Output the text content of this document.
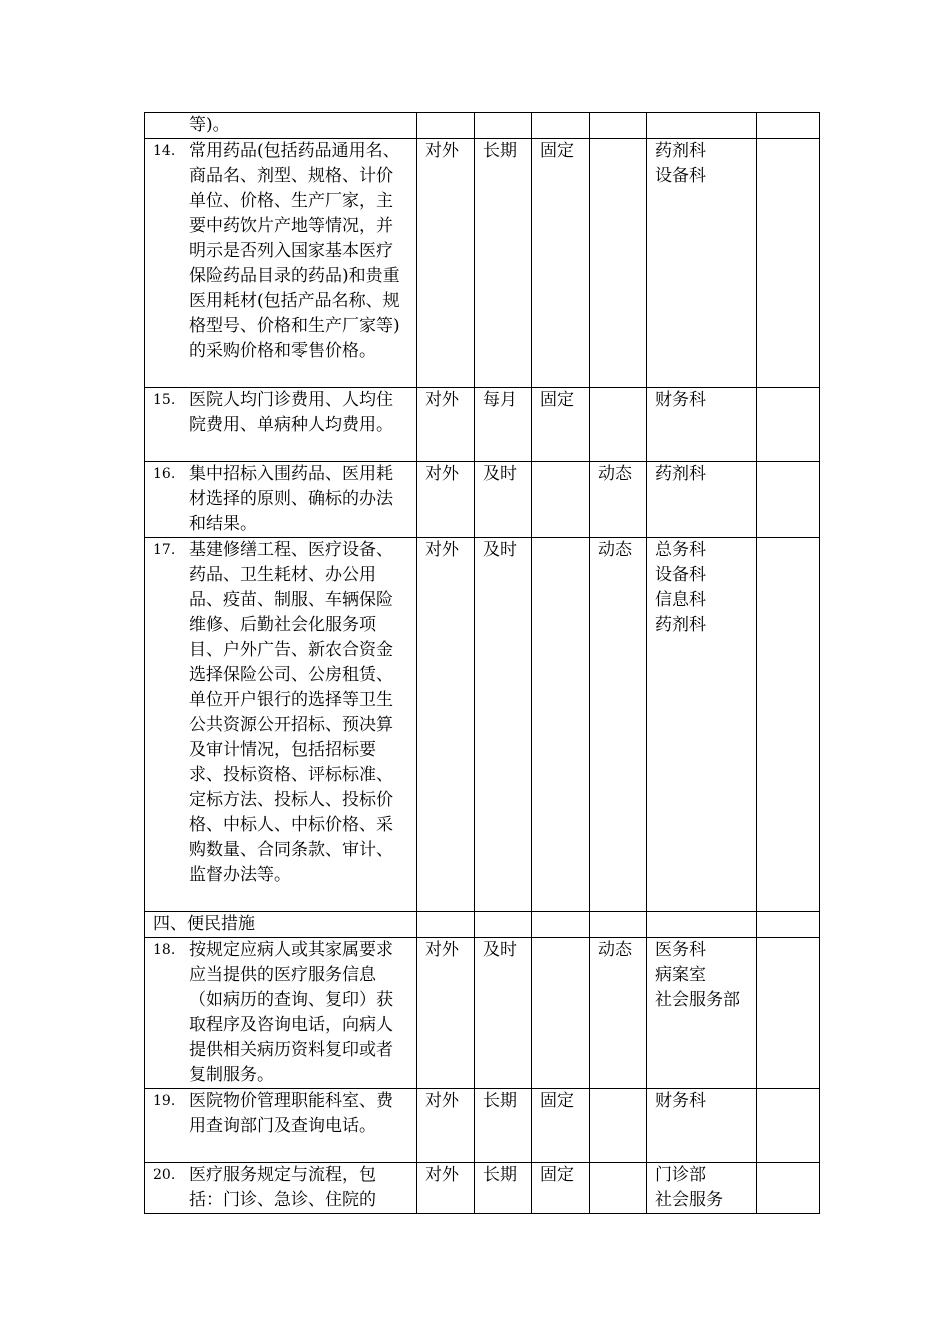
等)。						

14. 常用药品(包括药品通用名、商品名、剂型、规格、计价单位、价格、生产厂家，主要中药饮片产地等情况，并明示是否列入国家基本医疗保险药品目录的药品)和贵重医用耗材(包括产品名称、规格型号、价格和生产厂家等)的采购价格和零售价格。	对外	长期	固定		药剂科
设备科	

15. 医院人均门诊费用、人均住院费用、单病种人均费用。	对外	每月	固定		财务科	

16. 集中招标入围药品、医用耗材选择的原则、确标的办法和结果。	对外	及时		动态	药剂科	

17. 基建修缮工程、医疗设备、药品、卫生耗材、办公用品、疫苗、制服、车辆保险维修、后勤社会化服务项目、户外广告、新农合资金选择保险公司、公房租赁、单位开户银行的选择等卫生公共资源公开招标、预决算及审计情况，包括招标要求、投标资格、评标标准、定标方法、投标人、投标价格、中标人、中标价格、采购数量、合同条款、审计、监督办法等。	对外	及时		动态	总务科
设备科
信息科
药剂科	

四、便民措施						

18. 按规定应病人或其家属要求应当提供的医疗服务信息（如病历的查询、复印）获取程序及咨询电话，向病人提供相关病历资料复印或者复制服务。	对外	及时		动态	医务科
病案室
社会服务部	

19. 医院物价管理职能科室、费用查询部门及查询电话。	对外	长期	固定		财务科	

20. 医疗服务规定与流程，包括：门诊、急诊、住院的	对外	长期	固定		门诊部
社会服务	
